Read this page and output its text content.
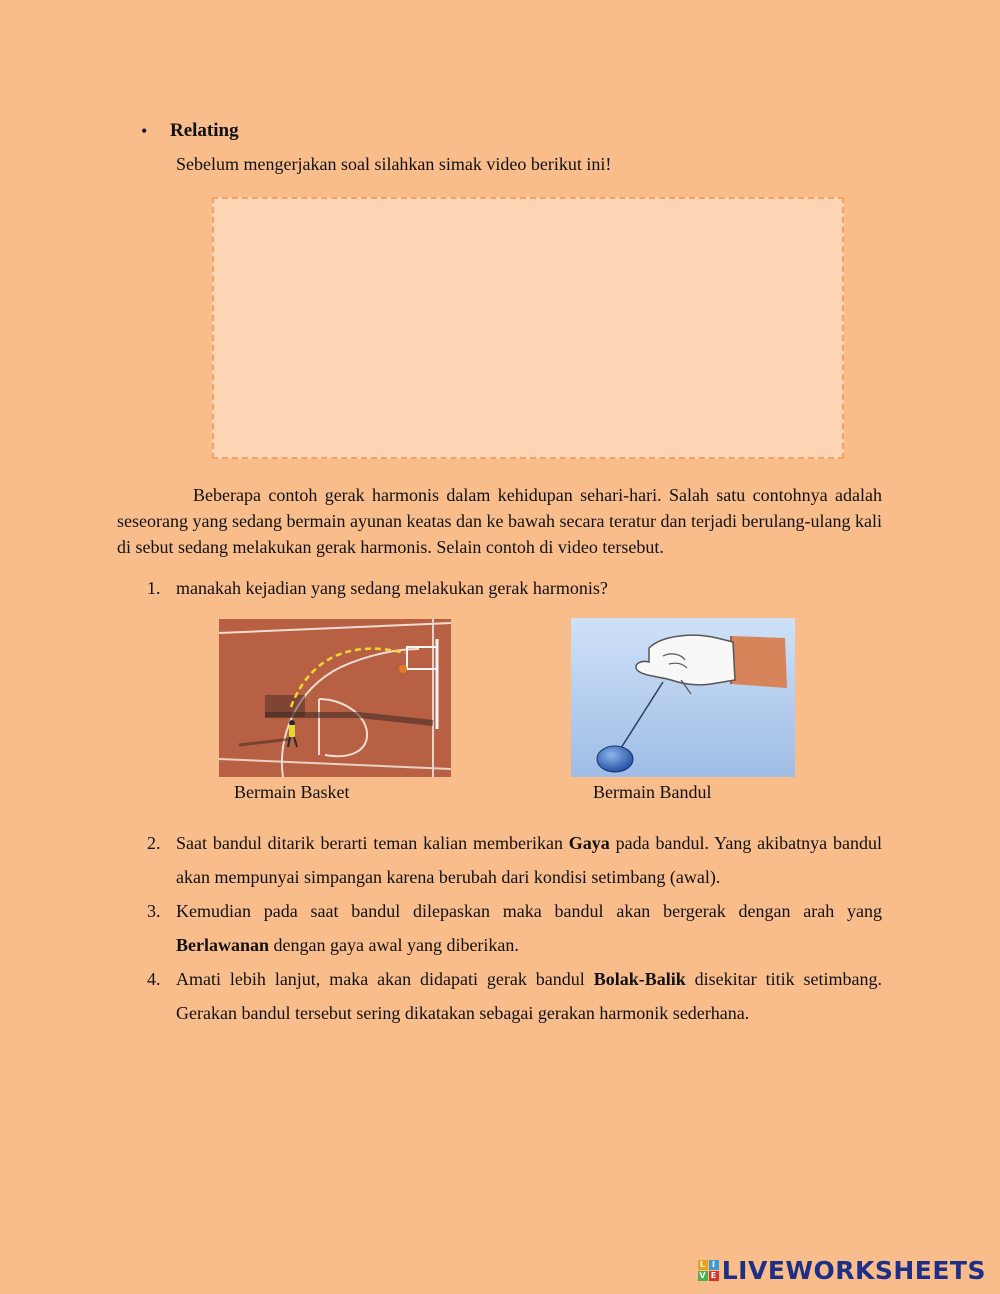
• Relating
Sebelum mengerjakan soal silahkan simak video berikut ini!
Beberapa contoh gerak harmonis dalam kehidupan sehari-hari. Salah satu contohnya adalah seseorang yang sedang bermain ayunan keatas dan ke bawah secara teratur dan terjadi berulang-ulang kali di sebut sedang melakukan gerak harmonis. Selain contoh di video tersebut.
1. manakah kejadian yang sedang melakukan gerak harmonis?
Bermain Basket	Bermain Bandul
2. Saat bandul ditarik berarti teman kalian memberikan Gaya pada bandul. Yang akibatnya bandul akan mempunyai simpangan karena berubah dari kondisi setimbang (awal).
3. Kemudian pada saat bandul dilepaskan maka bandul akan bergerak dengan arah yang Berlawanan dengan gaya awal yang diberikan.
4. Amati lebih lanjut, maka akan didapati gerak bandul Bolak-Balik disekitar titik setimbang. Gerakan bandul tersebut sering dikatakan sebagai gerakan harmonik sederhana.
L I
V E LIVEWORKSHEETS
